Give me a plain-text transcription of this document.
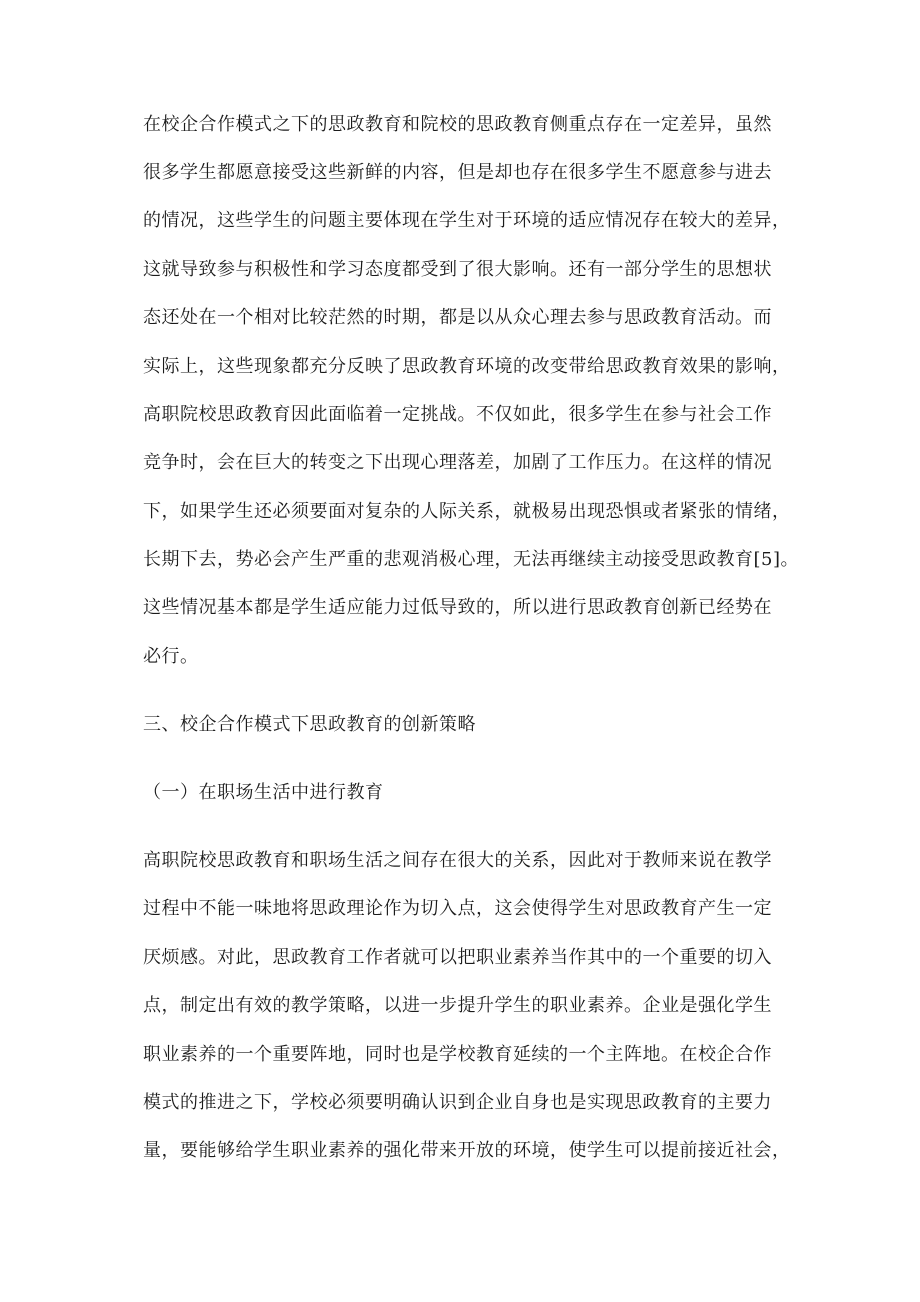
在校企合作模式之下的思政教育和院校的思政教育侧重点存在一定差异，虽然
很多学生都愿意接受这些新鲜的内容，但是却也存在很多学生不愿意参与进去
的情况，这些学生的问题主要体现在学生对于环境的适应情况存在较大的差异，
这就导致参与积极性和学习态度都受到了很大影响。还有一部分学生的思想状
态还处在一个相对比较茫然的时期，都是以从众心理去参与思政教育活动。而
实际上，这些现象都充分反映了思政教育环境的改变带给思政教育效果的影响，
高职院校思政教育因此面临着一定挑战。不仅如此，很多学生在参与社会工作
竞争时，会在巨大的转变之下出现心理落差，加剧了工作压力。在这样的情况
下，如果学生还必须要面对复杂的人际关系，就极易出现恐惧或者紧张的情绪，
长期下去，势必会产生严重的悲观消极心理，无法再继续主动接受思政教育[5]。
这些情况基本都是学生适应能力过低导致的，所以进行思政教育创新已经势在
必行。
三、校企合作模式下思政教育的创新策略
（一）在职场生活中进行教育
高职院校思政教育和职场生活之间存在很大的关系，因此对于教师来说在教学
过程中不能一味地将思政理论作为切入点，这会使得学生对思政教育产生一定
厌烦感。对此，思政教育工作者就可以把职业素养当作其中的一个重要的切入
点，制定出有效的教学策略，以进一步提升学生的职业素养。企业是强化学生
职业素养的一个重要阵地，同时也是学校教育延续的一个主阵地。在校企合作
模式的推进之下，学校必须要明确认识到企业自身也是实现思政教育的主要力
量，要能够给学生职业素养的强化带来开放的环境，使学生可以提前接近社会，
